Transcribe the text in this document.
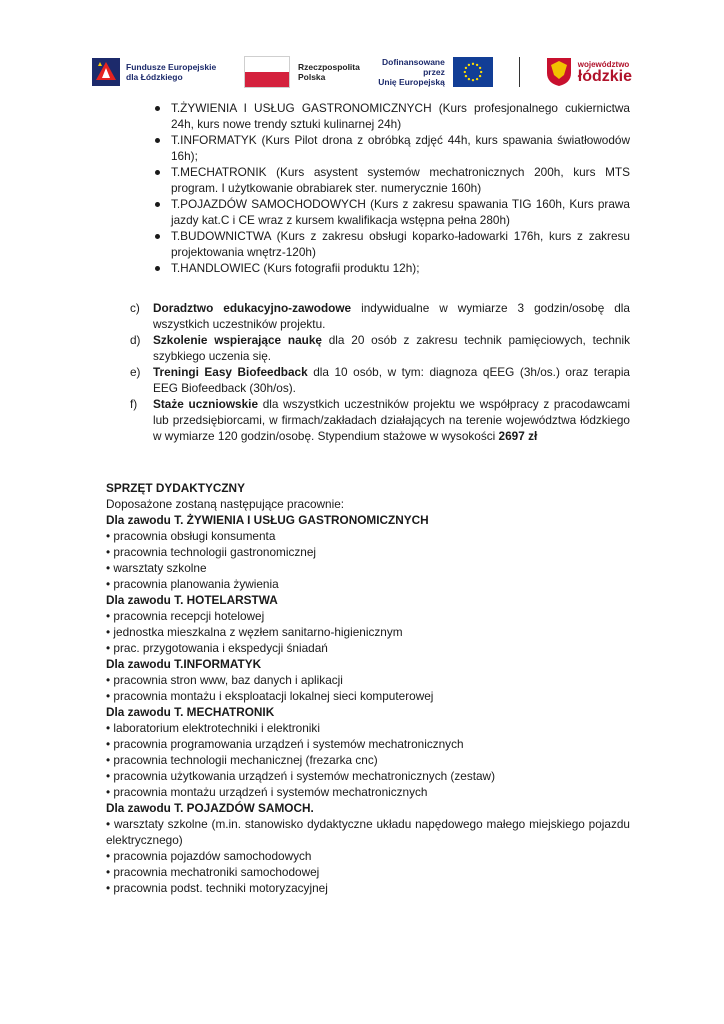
Fundusze Europejskie
dla Łódzkiego
Rzeczpospolita
Polska
Dofinansowane przez
Unię Europejską
województwo
łódzkie
T.ŻYWIENIA I USŁUG GASTRONOMICZNYCH (Kurs profesjonalnego cukiernictwa 24h, kurs nowe trendy sztuki kulinarnej 24h)
T.INFORMATYK (Kurs Pilot drona z obróbką zdjęć 44h, kurs spawania światłowodów 16h);
T.MECHATRONIK (Kurs asystent systemów mechatronicznych 200h, kurs MTS program. I użytkowanie obrabiarek ster. numerycznie 160h)
T.POJAZDÓW SAMOCHODOWYCH (Kurs z zakresu spawania TIG 160h, Kurs prawa jazdy kat.C i CE wraz z kursem kwalifikacja wstępna pełna 280h)
T.BUDOWNICTWA (Kurs z zakresu obsługi koparko-ładowarki 176h, kurs z zakresu projektowania wnętrz-120h)
T.HANDLOWIEC (Kurs fotografii produktu 12h);
c) Doradztwo edukacyjno-zawodowe indywidualne w wymiarze 3 godzin/osobę dla wszystkich uczestników projektu.
d) Szkolenie wspierające naukę dla 20 osób z zakresu technik pamięciowych, technik szybkiego uczenia się.
e) Treningi Easy Biofeedback dla 10 osób, w tym: diagnoza qEEG (3h/os.) oraz terapia EEG Biofeedback (30h/os).
f) Staże uczniowskie dla wszystkich uczestników projektu we współpracy z pracodawcami lub przedsiębiorcami, w firmach/zakładach działających na terenie województwa łódzkiego w wymiarze 120 godzin/osobę. Stypendium stażowe w wysokości 2697 zł
SPRZĘT DYDAKTYCZNY
Doposażone zostaną następujące pracownie:
Dla zawodu T. ŻYWIENIA I USŁUG GASTRONOMICZNYCH
• pracownia obsługi konsumenta
• pracownia technologii gastronomicznej
• warsztaty szkolne
• pracownia planowania żywienia
Dla zawodu T. HOTELARSTWA
• pracownia recepcji hotelowej
• jednostka mieszkalna z węzłem sanitarno-higienicznym
• prac. przygotowania i ekspedycji śniadań
Dla zawodu T.INFORMATYK
• pracownia stron www, baz danych i aplikacji
• pracownia montażu i eksploatacji lokalnej sieci komputerowej
Dla zawodu T. MECHATRONIK
• laboratorium elektrotechniki i elektroniki
• pracownia programowania urządzeń i systemów mechatronicznych
• pracownia technologii mechanicznej (frezarka cnc)
• pracownia użytkowania urządzeń i systemów mechatronicznych (zestaw)
• pracownia montażu urządzeń i systemów mechatronicznych
Dla zawodu T. POJAZDÓW SAMOCH.
• warsztaty szkolne (m.in. stanowisko dydaktyczne układu napędowego małego miejskiego pojazdu elektrycznego)
• pracownia pojazdów samochodowych
• pracownia mechatroniki samochodowej
• pracownia podst. techniki motoryzacyjnej
